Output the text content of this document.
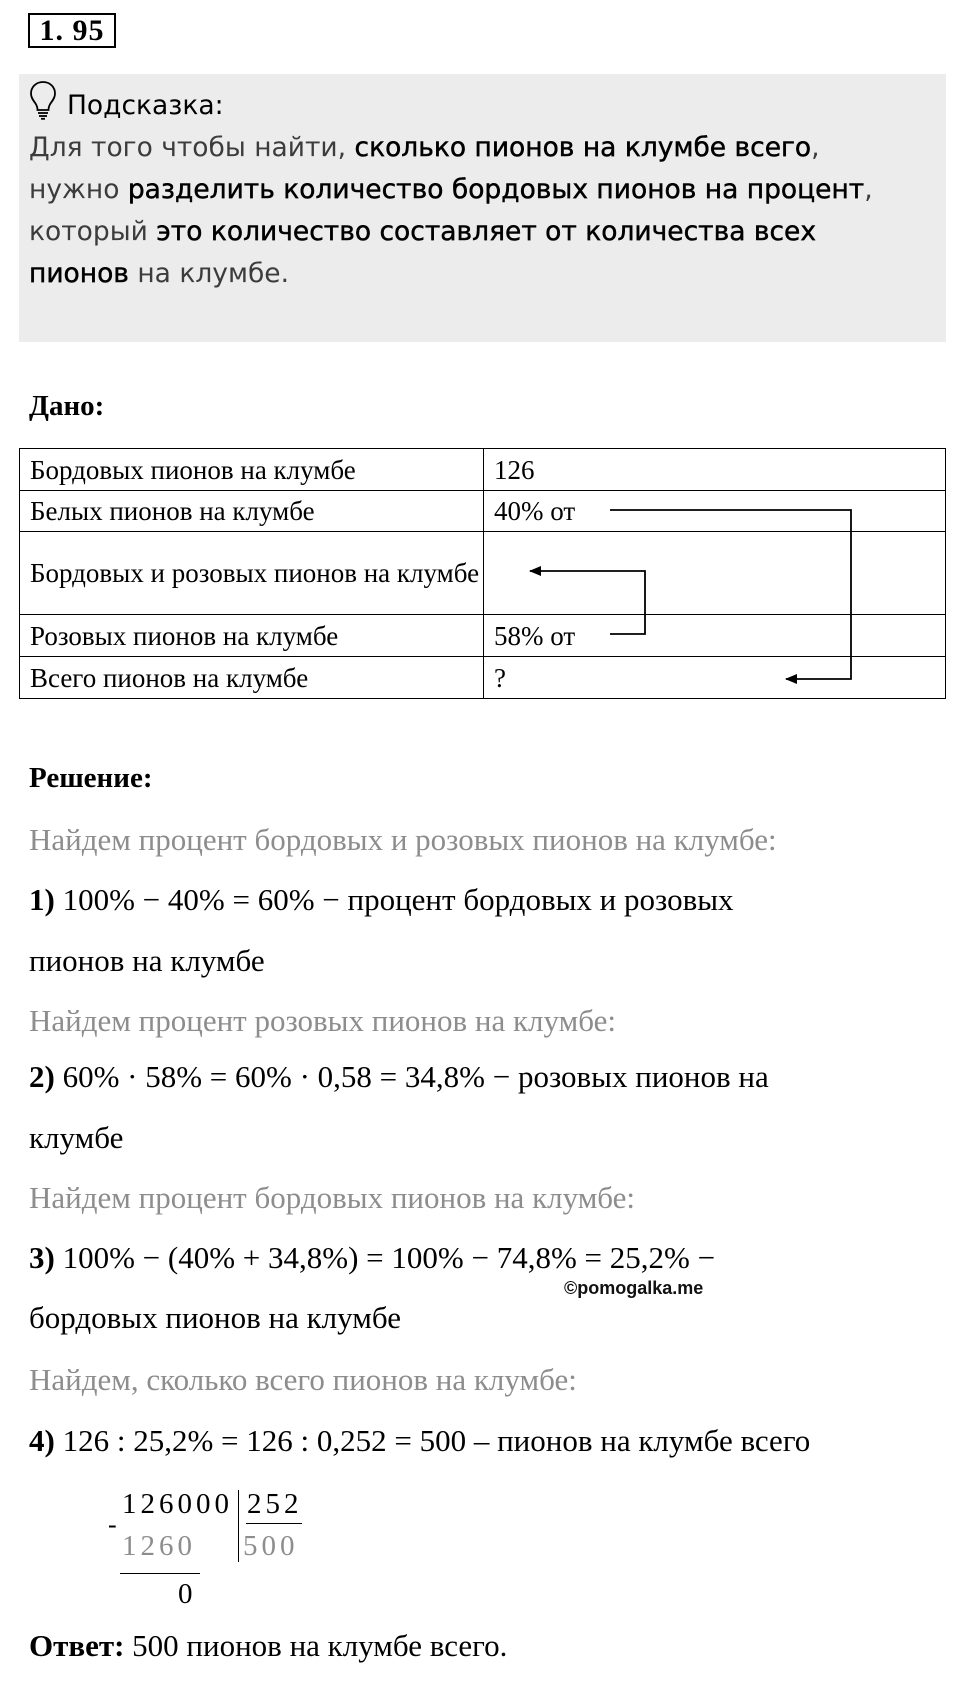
1. 95
Подсказка:
Для того чтобы найти, сколько пионов на клумбе всего,
нужно разделить количество бордовых пионов на процент,
который это количество составляет от количества всех
пионов на клумбе.
Дано:
Бордовых пионов на клумбе	126
Белых пионов на клумбе	40% от
Бордовых и розовых пионов на клумбе	
Розовых пионов на клумбе	58% от
Всего пионов на клумбе	?
Решение:
Найдем процент бордовых и розовых пионов на клумбе:
1) 100% − 40% = 60% − процент бордовых и розовых
пионов на клумбе
Найдем процент розовых пионов на клумбе:
2) 60% · 58% = 60% · 0,58 = 34,8% − розовых пионов на
клумбе
Найдем процент бордовых пионов на клумбе:
3) 100% − (40% + 34,8%) = 100% − 74,8% = 25,2% −
©pomogalka.me
бордовых пионов на клумбе
Найдем, сколько всего пионов на клумбе:
4) 126 : 25,2% = 126 : 0,252 = 500 – пионов на клумбе всего
-
126000 252
1260 500
0
Ответ: 500 пионов на клумбе всего.
